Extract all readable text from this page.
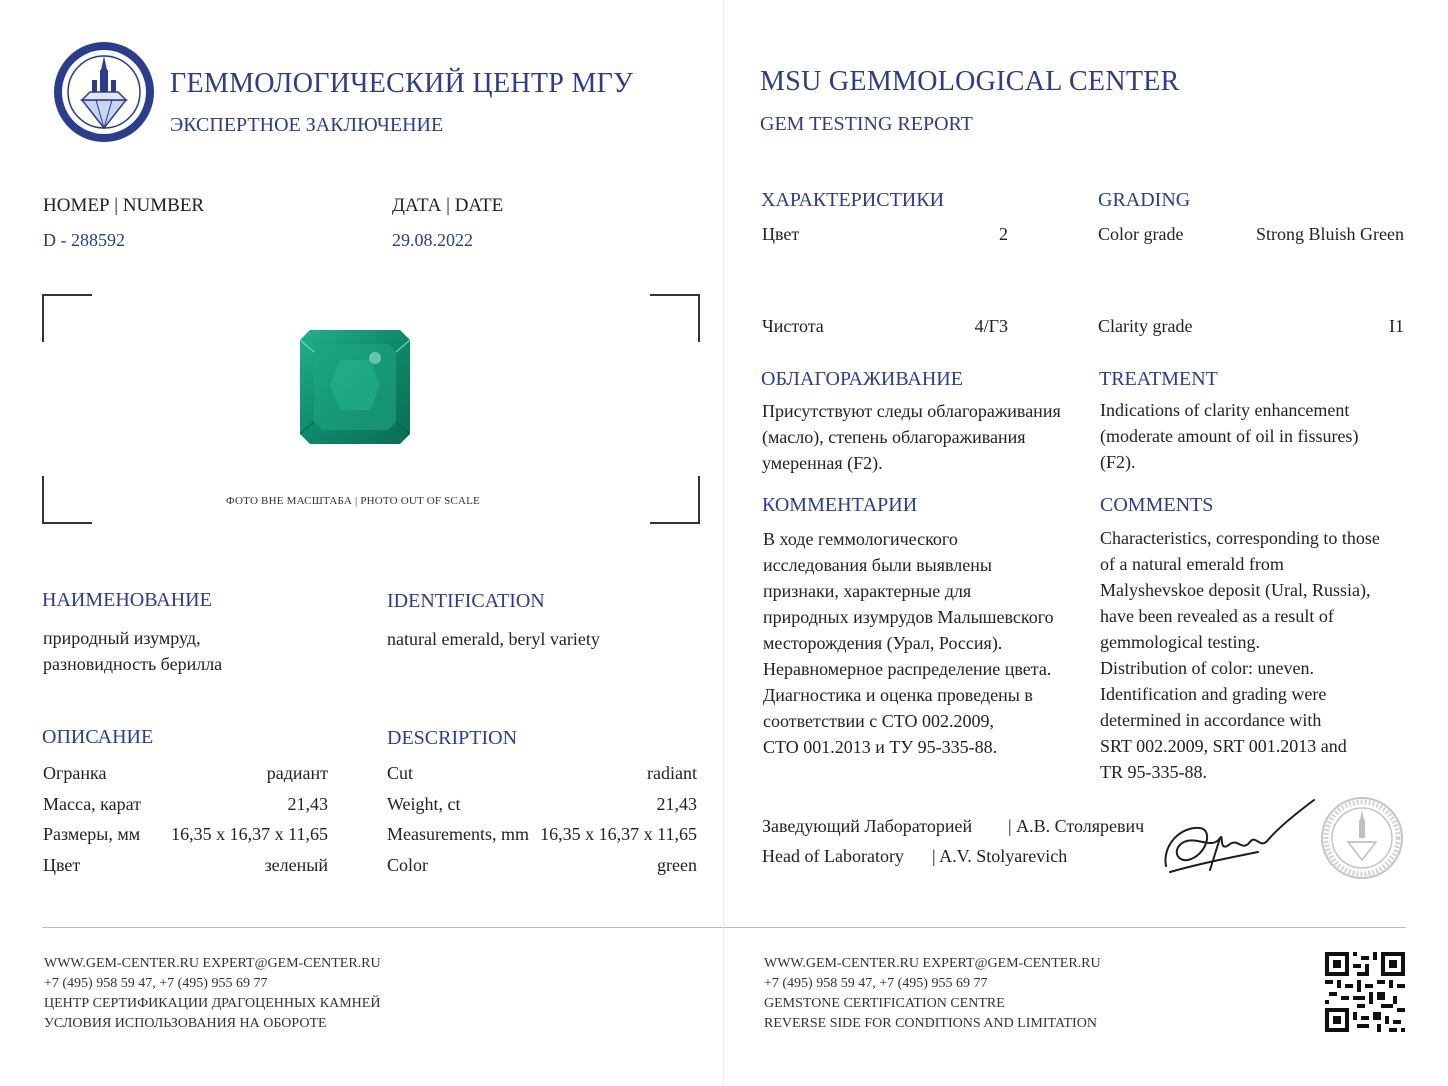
ГЕММОЛОГИЧЕСКИЙ ЦЕНТР МГУ
ЭКСПЕРТНОЕ ЗАКЛЮЧЕНИЕ
НОМЕР | NUMBER
D - 288592
ДАТА | DATE
29.08.2022
ФОТО ВНЕ МАСШТАБА | PHOTO OUT OF SCALE
НАИМЕНОВАНИЕ
природный изумруд,
разновидность берилла
IDENTIFICATION
natural emerald, beryl variety
ОПИСАНИЕ
Огранка	радиант
Масса, карат	21,43
Размеры, мм	16,35 x 16,37 x 11,65
Цвет	зеленый
DESCRIPTION
Cut	radiant
Weight, ct	21,43
Measurements, mm 16,35 x 16,37 x 11,65
Color	green
WWW.GEM-CENTER.RU EXPERT@GEM-CENTER.RU
+7 (495) 958 59 47, +7 (495) 955 69 77
ЦЕНТР СЕРТИФИКАЦИИ ДРАГОЦЕННЫХ КАМНЕЙ
УСЛОВИЯ ИСПОЛЬЗОВАНИЯ НА ОБОРОТЕ
MSU GEMMOLOGICAL CENTER
GEM TESTING REPORT
ХАРАКТЕРИСТИКИ
Цвет	2
Чистота	4/Г3
GRADING
Color grade	Strong Bluish Green
Clarity grade	I1
ОБЛАГОРАЖИВАНИЕ
Присутствуют следы облагораживания
(масло), степень облагораживания
умеренная (F2).
TREATMENT
Indications of clarity enhancement
(moderate amount of oil in fissures)
(F2).
КОММЕНТАРИИ
В ходе геммологического
исследования были выявлены
признаки, характерные для
природных изумрудов Малышевского
месторождения (Урал, Россия).
Неравномерное распределение цвета.
Диагностика и оценка проведены в
соответствии с СТО 002.2009,
СТО 001.2013 и ТУ 95-335-88.
COMMENTS
Characteristics, corresponding to those
of a natural emerald from
Malyshevskoe deposit (Ural, Russia),
have been revealed as a result of
gemmological testing.
Distribution of color: uneven.
Identification and grading were
determined in accordance with
SRT 002.2009, SRT 001.2013 and
TR 95-335-88.
Заведующий Лабораторией | А.В. Столяревич
Head of Laboratory | A.V. Stolyarevich
WWW.GEM-CENTER.RU EXPERT@GEM-CENTER.RU
+7 (495) 958 59 47, +7 (495) 955 69 77
GEMSTONE CERTIFICATION CENTRE
REVERSE SIDE FOR CONDITIONS AND LIMITATION
